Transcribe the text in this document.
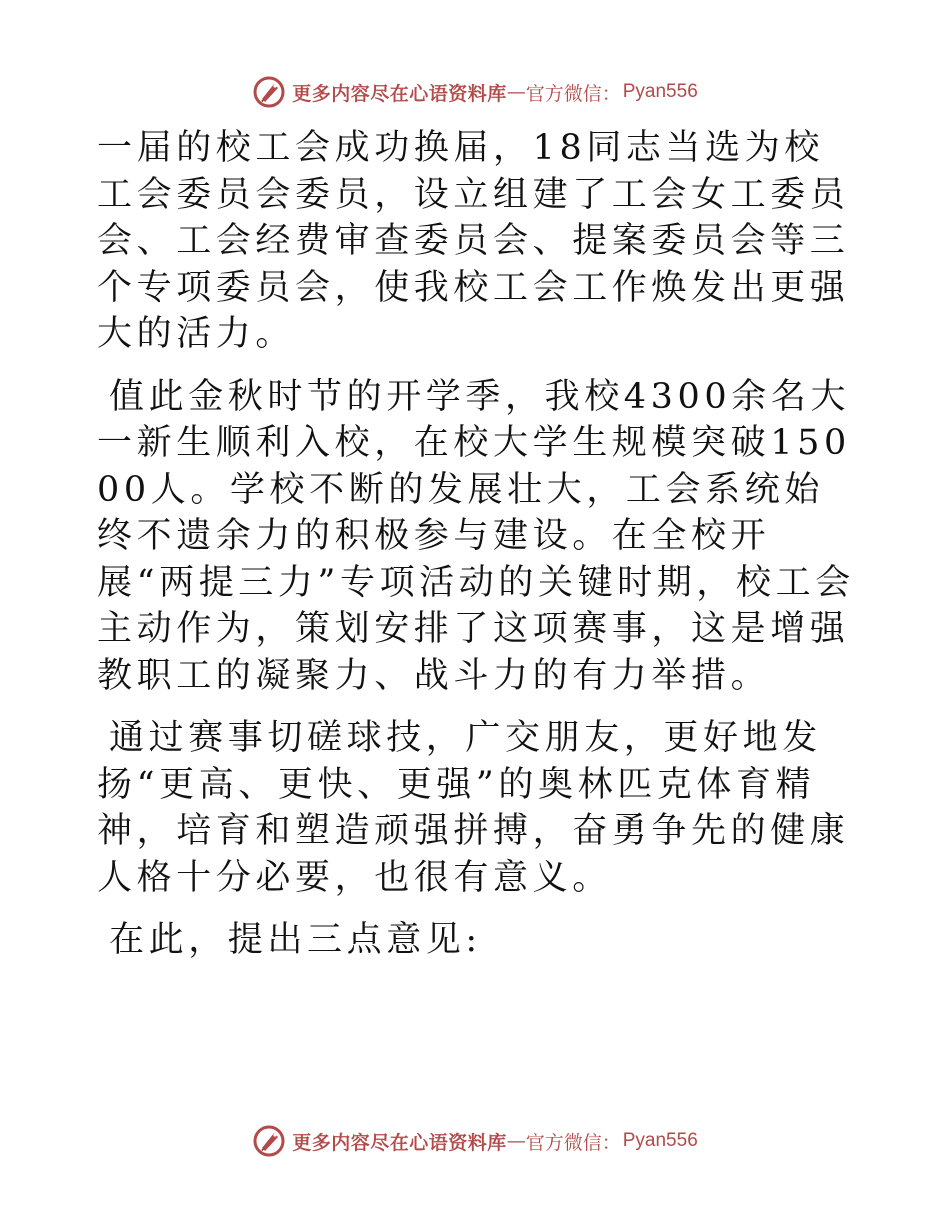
更多内容尽在心语资料库 — 官方微信： Pyan556

一届的校工会成功换届，18同志当选为校工会委员会委员，设立组建了工会女工委员会、工会经费审查委员会、提案委员会等三个专项委员会，使我校工会工作焕发出更强大的活力。

值此金秋时节的开学季，我校4300余名大一新生顺利入校，在校大学生规模突破15000人。学校不断的发展壮大，工会系统始终不遗余力的积极参与建设。在全校开展“两提三力”专项活动的关键时期，校工会主动作为，策划安排了这项赛事，这是增强教职工的凝聚力、战斗力的有力举措。

通过赛事切磋球技，广交朋友，更好地发扬“更高、更快、更强”的奥林匹克体育精神，培育和塑造顽强拼搏，奋勇争先的健康人格十分必要，也很有意义。

在此，提出三点意见:

更多内容尽在心语资料库 — 官方微信： Pyan556
